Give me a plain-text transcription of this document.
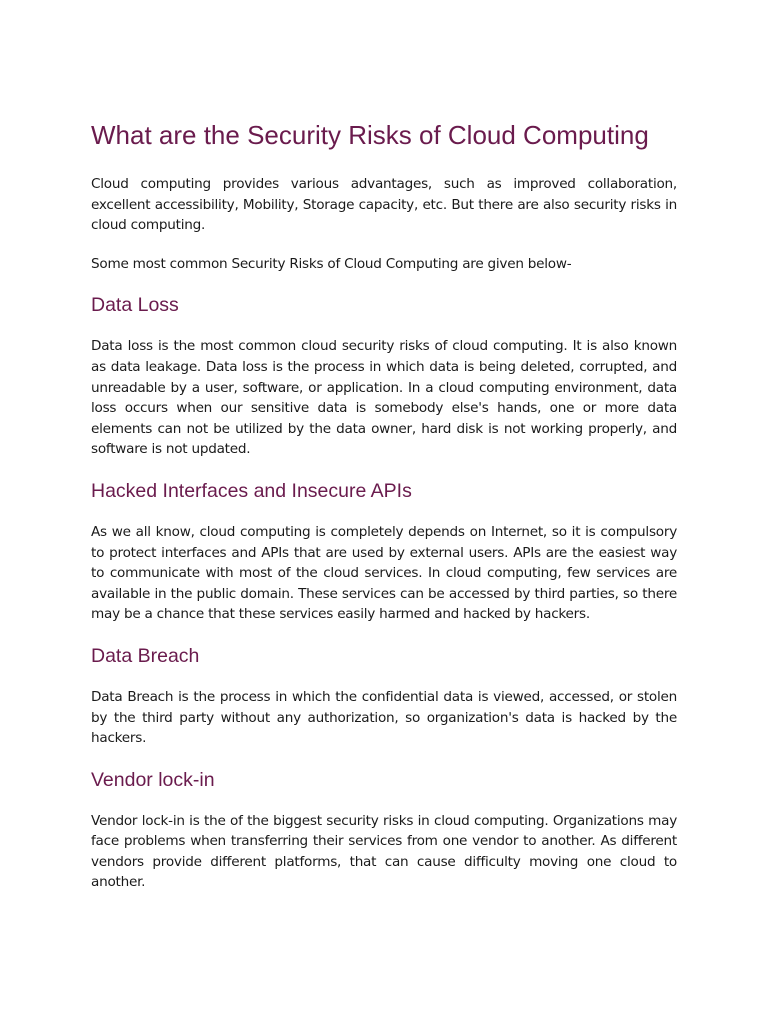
What are the Security Risks of Cloud Computing

Cloud computing provides various advantages, such as improved collaboration, excellent accessibility, Mobility, Storage capacity, etc. But there are also security risks in cloud computing.

Some most common Security Risks of Cloud Computing are given below-

Data Loss

Data loss is the most common cloud security risks of cloud computing. It is also known as data leakage. Data loss is the process in which data is being deleted, corrupted, and unreadable by a user, software, or application. In a cloud computing environment, data loss occurs when our sensitive data is somebody else's hands, one or more data elements can not be utilized by the data owner, hard disk is not working properly, and software is not updated.

Hacked Interfaces and Insecure APIs

As we all know, cloud computing is completely depends on Internet, so it is compulsory to protect interfaces and APIs that are used by external users. APIs are the easiest way to communicate with most of the cloud services. In cloud computing, few services are available in the public domain. These services can be accessed by third parties, so there may be a chance that these services easily harmed and hacked by hackers.

Data Breach

Data Breach is the process in which the confidential data is viewed, accessed, or stolen by the third party without any authorization, so organization's data is hacked by the hackers.

Vendor lock-in

Vendor lock-in is the of the biggest security risks in cloud computing. Organizations may face problems when transferring their services from one vendor to another. As different vendors provide different platforms, that can cause difficulty moving one cloud to another.
